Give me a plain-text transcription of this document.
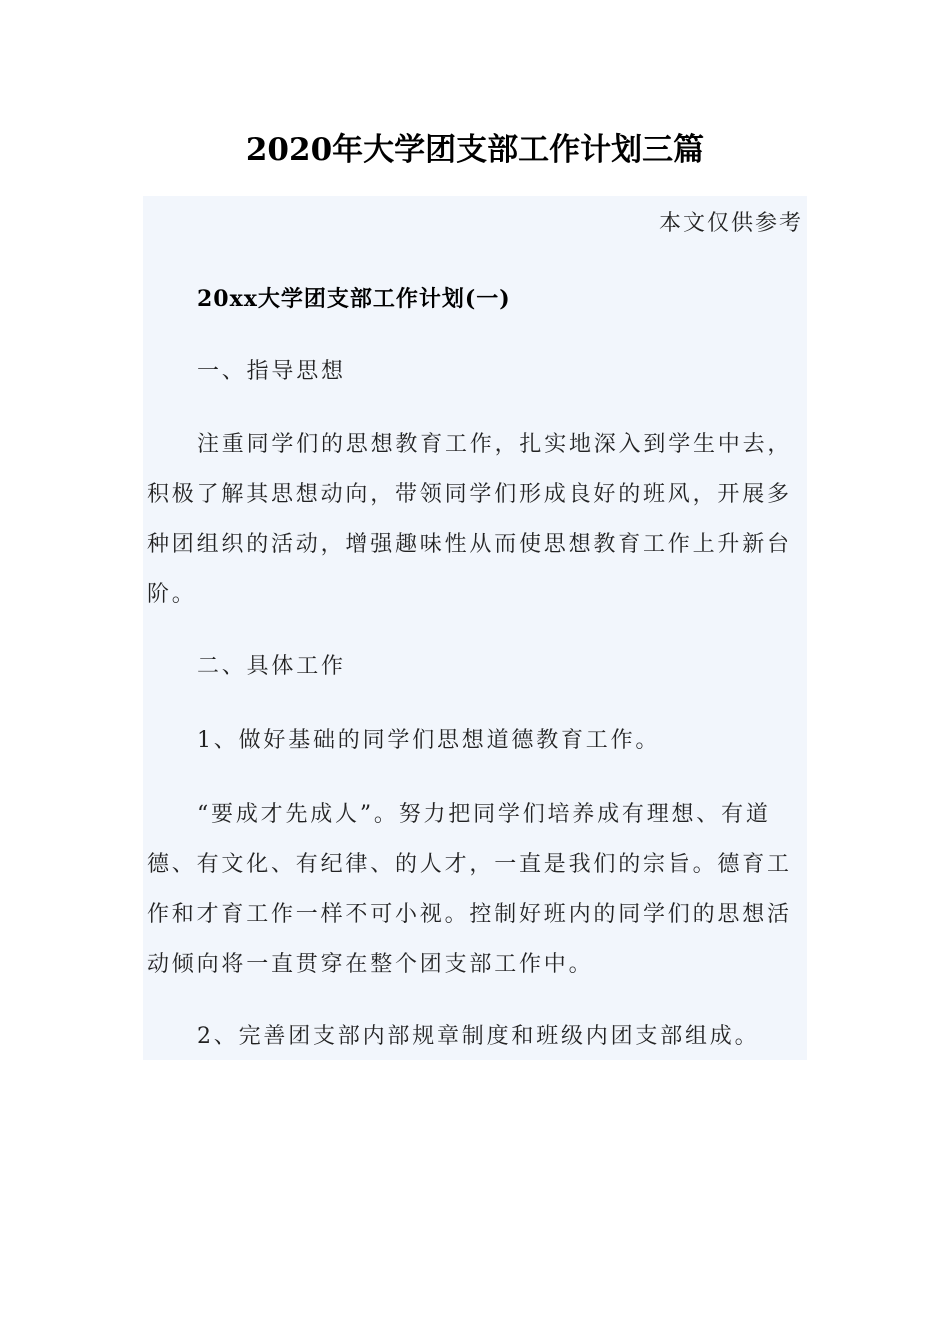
2020年大学团支部工作计划三篇
本文仅供参考

20xx大学团支部工作计划(一)

一、指导思想

注重同学们的思想教育工作，扎实地深入到学生中去，积极了解其思想动向，带领同学们形成良好的班风，开展多种团组织的活动，增强趣味性从而使思想教育工作上升新台阶。

二、具体工作

1、做好基础的同学们思想道德教育工作。

“要成才先成人”。努力把同学们培养成有理想、有道德、有文化、有纪律、的人才，一直是我们的宗旨。德育工作和才育工作一样不可小视。控制好班内的同学们的思想活动倾向将一直贯穿在整个团支部工作中。

2、完善团支部内部规章制度和班级内团支部组成。
